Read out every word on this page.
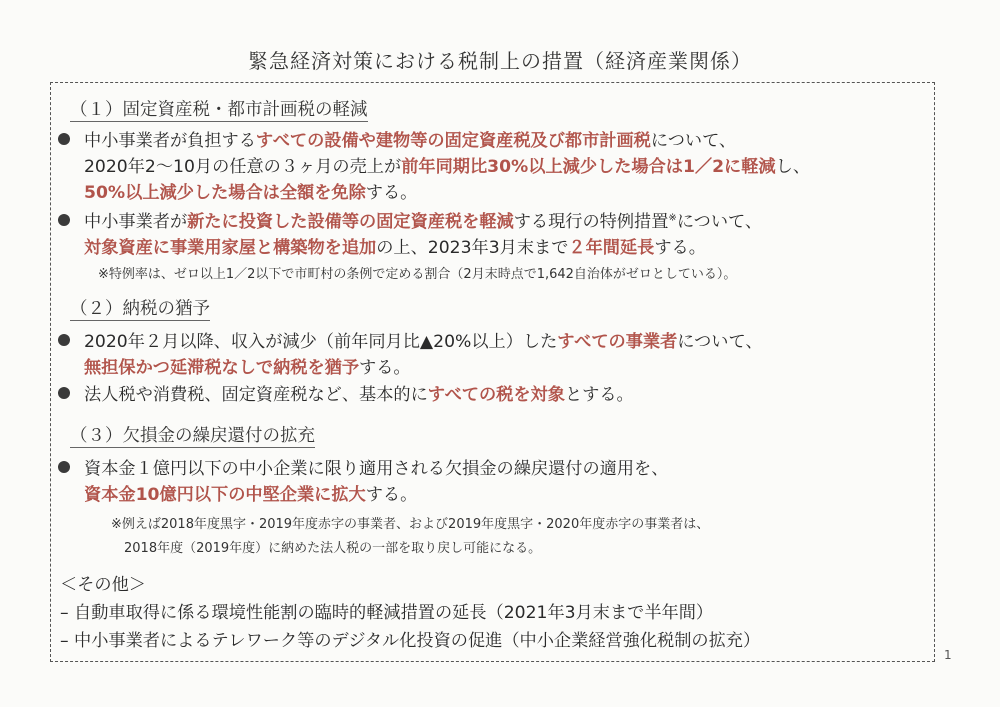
緊急経済対策における税制上の措置（経済産業関係）
（１）固定資産税・都市計画税の軽減
中小事業者が負担するすべての設備や建物等の固定資産税及び都市計画税について、
2020年2～10月の任意の３ヶ月の売上が前年同期比30%以上減少した場合は1／2に軽減し、
50%以上減少した場合は全額を免除する。
中小事業者が新たに投資した設備等の固定資産税を軽減する現行の特例措置※について、
対象資産に事業用家屋と構築物を追加の上、2023年3月末まで２年間延長する。
※特例率は、ゼロ以上1／2以下で市町村の条例で定める割合（2月末時点で1,642自治体がゼロとしている）。
（２）納税の猶予
2020年２月以降、収入が減少（前年同月比▲20%以上）したすべての事業者について、
無担保かつ延滞税なしで納税を猶予する。
法人税や消費税、固定資産税など、基本的にすべての税を対象とする。
（３）欠損金の繰戻還付の拡充
資本金１億円以下の中小企業に限り適用される欠損金の繰戻還付の適用を、
資本金10億円以下の中堅企業に拡大する。
※例えば2018年度黒字・2019年度赤字の事業者、および2019年度黒字・2020年度赤字の事業者は、
2018年度（2019年度）に納めた法人税の一部を取り戻し可能になる。
＜その他＞
– 自動車取得に係る環境性能割の臨時的軽減措置の延長（2021年3月末まで半年間）
– 中小事業者によるテレワーク等のデジタル化投資の促進（中小企業経営強化税制の拡充）
1
